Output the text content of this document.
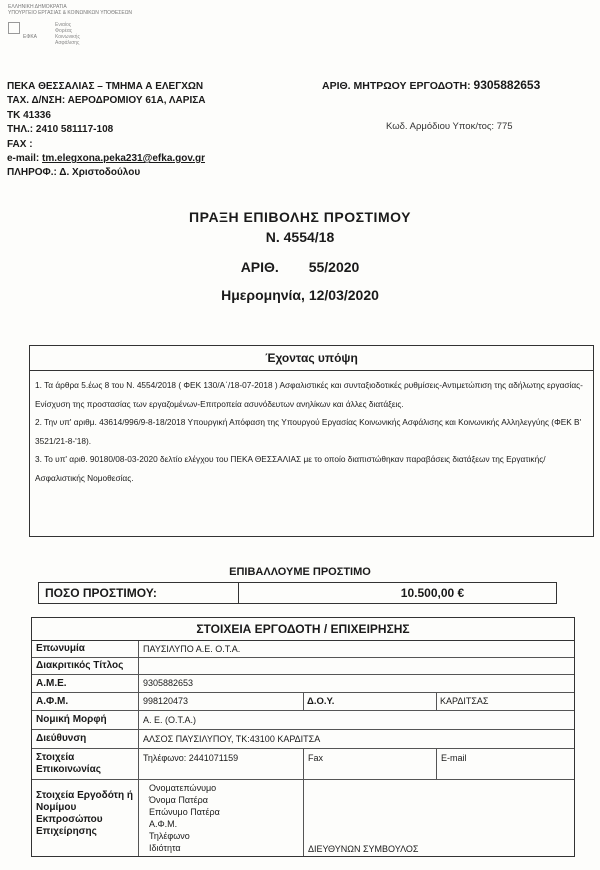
ΕΛΛΗΝΙΚΗ ΔΗΜΟΚΡΑΤΙΑ
ΥΠΟΥΡΓΕΙΟ ΕΡΓΑΣΙΑΣ & ΚΟΙΝΩΝΙΚΩΝ ΥΠΟΘΕΣΕΩΝ
ΕΦΚΑ
Ενιαίος
Φορέας
Κοινωνικής
Ασφάλισης
ΠΕΚΑ ΘΕΣΣΑΛΙΑΣ – ΤΜΗΜΑ Α ΕΛΕΓΧΩΝ
ΤΑΧ. Δ/ΝΣΗ: ΑΕΡΟΔΡΟΜΙΟΥ 61Α, ΛΑΡΙΣΑ
ΤΚ 41336
ΤΗΛ.: 2410 581117-108
FAX :
e-mail: tm.elegxona.peka231@efka.gov.gr
ΠΛΗΡΟΦ.: Δ. Χριστοδούλου
ΑΡΙΘ. ΜΗΤΡΩΟΥ ΕΡΓΟΔΟΤΗ: 9305882653
Κωδ. Αρμόδιου Υποκ/τος: 775
ΠΡΑΞΗ ΕΠΙΒΟΛΗΣ ΠΡΟΣΤΙΜΟΥ
Ν. 4554/18
ΑΡΙΘ. 55/2020
Ημερομηνία, 12/03/2020
Έχοντας υπόψη
1. Τα άρθρα 5.έως 8 του Ν. 4554/2018 ( ΦΕΚ 130/Α΄/18-07-2018 ) Ασφαλιστικές και συνταξιοδοτικές ρυθμίσεις-Αντιμετώπιση της αδήλωτης εργασίας-Ενίσχυση της προστασίας των εργαζομένων-Επιτροπεία ασυνόδευτων ανηλίκων και άλλες διατάξεις.
2. Την υπ' αριθμ. 43614/996/9-8-18/2018 Υπουργική Απόφαση της Υπουργού Εργασίας Κοινωνικής Ασφάλισης και Κοινωνικής Αλληλεγγύης (ΦΕΚ Β' 3521/21-8-'18).
3. Το υπ' αριθ. 90180/08-03-2020 δελτίο ελέγχου του ΠΕΚΑ ΘΕΣΣΑΛΙΑΣ με το οποίο διαπιστώθηκαν παραβάσεις διατάξεων της Εργατικής/Ασφαλιστικής Νομοθεσίας.
ΕΠΙΒΑΛΛΟΥΜΕ ΠΡΟΣΤΙΜΟ
ΠΟΣΟ ΠΡΟΣΤΙΜΟΥ:	10.500,00 €
ΣΤΟΙΧΕΙΑ ΕΡΓΟΔΟΤΗ / ΕΠΙΧΕΙΡΗΣΗΣ
Επωνυμία	ΠΑΥΣΙΛΥΠΟ Α.Ε. Ο.Τ.Α.
Διακριτικός Τίτλος
Α.Μ.Ε.	9305882653
Α.Φ.Μ.	998120473	Δ.Ο.Υ.	ΚΑΡΔΙΤΣΑΣ
Νομική Μορφή	Α. Ε. (Ο.Τ.Α.)
Διεύθυνση	ΑΛΣΟΣ ΠΑΥΣΙΛΥΠΟΥ, ΤΚ:43100 ΚΑΡΔΙΤΣΑ
Στοιχεία Επικοινωνίας
Τηλέφωνο: 2441071159	Fax	E-mail
Στοιχεία Εργοδότη ή Νομίμου Εκπροσώπου Επιχείρησης
Ονοματεπώνυμο
Όνομα Πατέρα
Επώνυμο Πατέρα
Α.Φ.Μ.
Τηλέφωνο
Ιδιότητα	ΔΙΕΥΘΥΝΩΝ ΣΥΜΒΟΥΛΟΣ
